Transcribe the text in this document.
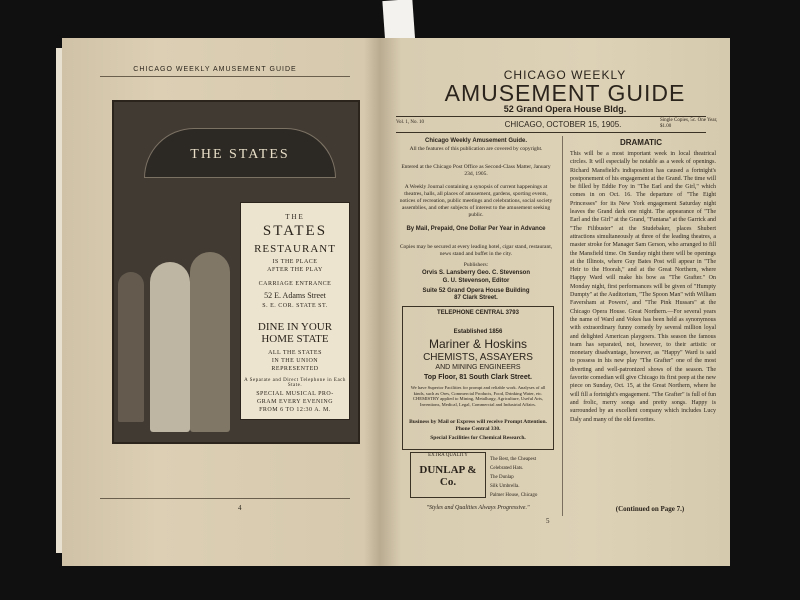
CHICAGO WEEKLY AMUSEMENT GUIDE
THE STATES
THE
STATES
RESTAURANT
IS THE PLACE
AFTER THE PLAY
CARRIAGE ENTRANCE
52 E. Adams Street
S. E. COR. STATE ST.
DINE IN YOUR
HOME STATE
ALL THE STATES
IN THE UNION
REPRESENTED
A Separate and Direct Telephone in Each State.
SPECIAL MUSICAL PRO-
GRAM EVERY EVENING
FROM 6 TO 12:30 A. M.
4
CHICAGO WEEKLY
AMUSEMENT GUIDE
52 Grand Opera House Bldg.
Vol. 1, No. 10	CHICAGO, OCTOBER 15, 1905.	Single Copies, 5c. One Year, $1.00
Chicago Weekly Amusement Guide.
All the features of this publication are covered by copyright.
Entered at the Chicago Post Office as Second-Class Matter, January 23d, 1905.
A Weekly Journal containing a synopsis of current happenings at theatres, halls, all places of amusement, gardens, sporting events, notices of recreation, public meetings and celebrations, social society assemblies, and other subjects of interest to the amusement seeking public.
By Mail, Prepaid, One Dollar Per Year in Advance
Copies may be secured at every leading hotel, cigar stand, restaurant, news stand and buffet in the city.
Publishers:
Orvis S. Lansberry Geo. C. Stevenson
G. U. Stevenson, Editor
Suite 52 Grand Opera House Building
87 Clark Street.
TELEPHONE CENTRAL 3793
Established 1856
Mariner & Hoskins
CHEMISTS, ASSAYERS
AND MINING ENGINEERS
Top Floor, 81 South Clark Street.
We have Superior Facilities for prompt and reliable work. Analyses of all kinds, such as Ores, Commercial Products, Food, Drinking Water, etc. CHEMISTRY applied to Mining, Metallurgy, Agriculture, Useful Arts, Inventions, Medical, Legal, Commercial and Industrial Affairs.
Business by Mail or Express will receive Prompt Attention. Phone Central 330.
Special Facilities for Chemical Research.
EXTRA QUALITY
DUNLAP & Co.
The Best, the Cheapest
Celebrated Hats.
The Dunlap
Silk Umbrella.
Palmer House, Chicago
"Styles and Qualities Always Progressive."
DRAMATIC
This will be a most important week in local theatrical circles. It will especially be notable as a week of openings. Richard Mansfield's indisposition has caused a fortnight's postponement of his engagement at the Grand. The time will be filled by Eddie Foy in "The Earl and the Girl," which comes in on Oct. 16. The departure of "The Eight Princesses" for its New York engagement Saturday night leaves the Grand dark one night. The appearance of "The Earl and the Girl" at the Grand, "Fantana" at the Garrick and "The Filibuster" at the Studebaker, places Shubert attractions simultaneously at three of the leading theatres, a master stroke for Manager Sam Gerson, who arranged to fill the Mansfield time. On Sunday night there will be openings at the Illinois, where Guy Bates Post will appear in "The Heir to the Hoorah," and at the Great Northern, where Happy Ward will make his bow as "The Grafter." On Monday night, first performances will be given of "Humpty Dumpty" at the Auditorium, "The Spoon Man" with William Faversham at Powers', and "The Pink Hussars" at the Chicago Opera House. Great Northern.—For several years the name of Ward and Vokes has been held as synonymous with extraordinary funny comedy by several million loyal and delighted American playgoers. This season the famous team has separated, not, however, to their artistic or monetary disadvantage, however, as "Happy" Ward is said to possess in his new play "The Grafter" one of the most diverting and well-patronized shows of the season. The favorite comedian will give Chicago its first peep at the new piece on Sunday, Oct. 15, at the Great Northern, where he will fill a fortnight's engagement. "The Grafter" is full of fun and frolic, merry songs and pretty songs. Happy is surrounded by an excellent company which includes Lucy Daly and many of the old favorites.
(Continued on Page 7.)
5
